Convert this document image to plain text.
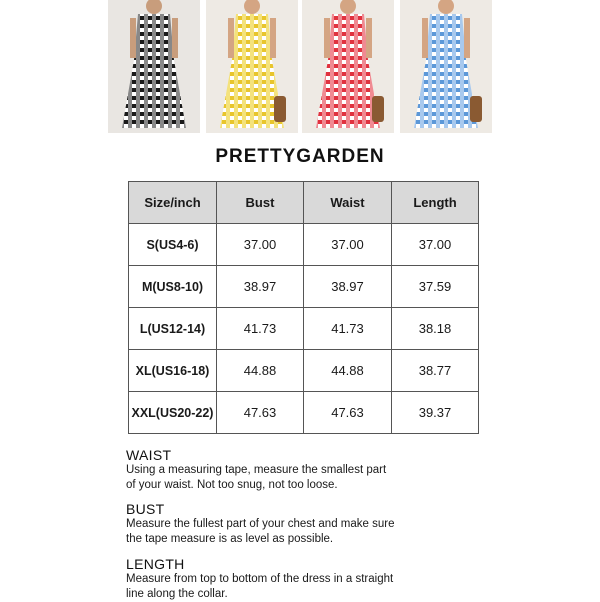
PRETTYGARDEN
Size/inch	Bust	Waist	Length
S(US4-6)	37.00	37.00	37.00
M(US8-10)	38.97	38.97	37.59
L(US12-14)	41.73	41.73	38.18
XL(US16-18)	44.88	44.88	38.77
XXL(US20-22)	47.63	47.63	39.37
WAIST

Using a measuring tape, measure the smallest part

of your waist. Not too snug, not too loose.

BUST

Measure the fullest part of your chest and make sure

the tape measure is as level as possible.

LENGTH

Measure from top to bottom of the dress in a straight

line along the collar.
